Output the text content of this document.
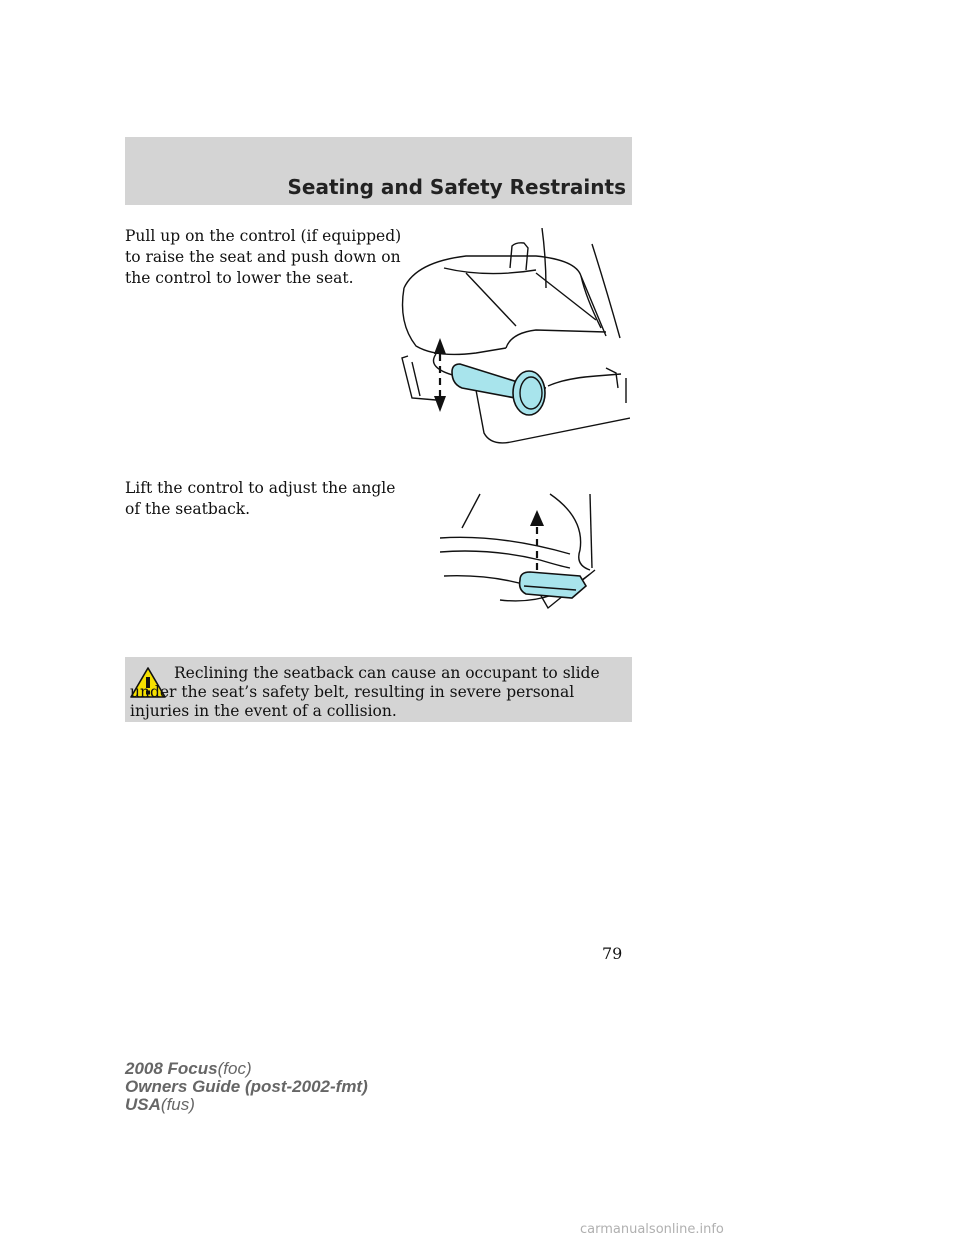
Seating and Safety Restraints
Pull up on the control (if equipped)
to raise the seat and push down on
the control to lower the seat.
Lift the control to adjust the angle
of the seatback.
Reclining the seatback can cause an occupant to slide under the seat’s safety belt, resulting in severe personal injuries in the event of a collision.
79
2008 Focus(foc)
Owners Guide (post-2002-fmt)
USA(fus)
carmanualsonline.info
